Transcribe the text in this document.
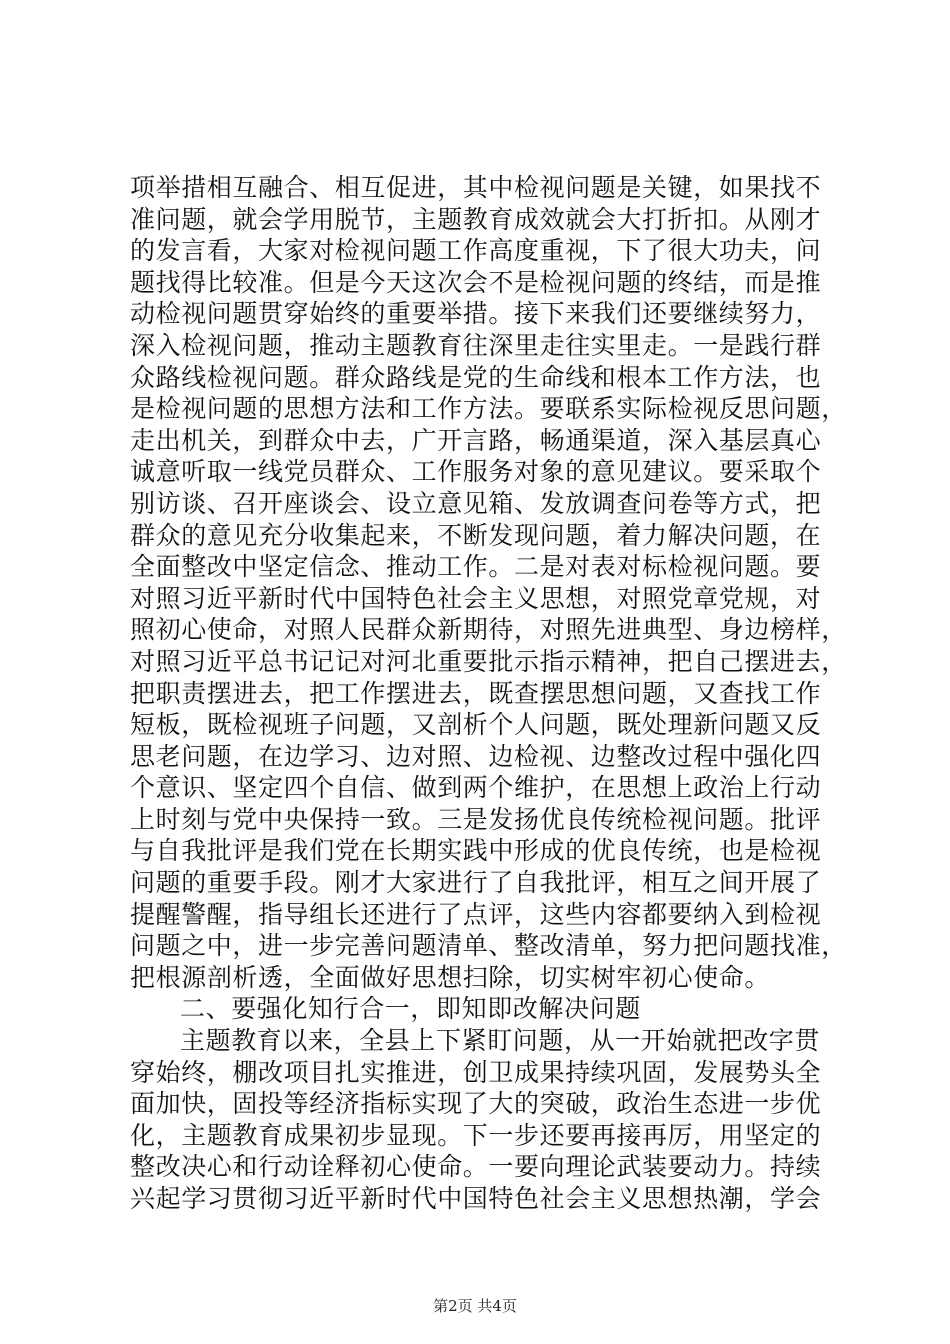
项举措相互融合、相互促进，其中检视问题是关键，如果找不
准问题，就会学用脱节，主题教育成效就会大打折扣。从刚才
的发言看，大家对检视问题工作高度重视，下了很大功夫，问
题找得比较准。但是今天这次会不是检视问题的终结，而是推
动检视问题贯穿始终的重要举措。接下来我们还要继续努力，
深入检视问题，推动主题教育往深里走往实里走。一是践行群
众路线检视问题。群众路线是党的生命线和根本工作方法，也
是检视问题的思想方法和工作方法。要联系实际检视反思问题，
走出机关，到群众中去，广开言路，畅通渠道，深入基层真心
诚意听取一线党员群众、工作服务对象的意见建议。要采取个
别访谈、召开座谈会、设立意见箱、发放调查问卷等方式，把
群众的意见充分收集起来，不断发现问题，着力解决问题，在
全面整改中坚定信念、推动工作。二是对表对标检视问题。要
对照习近平新时代中国特色社会主义思想，对照党章党规，对
照初心使命，对照人民群众新期待，对照先进典型、身边榜样，
对照习近平总书记记对河北重要批示指示精神，把自己摆进去，
把职责摆进去，把工作摆进去，既查摆思想问题，又查找工作
短板，既检视班子问题，又剖析个人问题，既处理新问题又反
思老问题，在边学习、边对照、边检视、边整改过程中强化四
个意识、坚定四个自信、做到两个维护，在思想上政治上行动
上时刻与党中央保持一致。三是发扬优良传统检视问题。批评
与自我批评是我们党在长期实践中形成的优良传统，也是检视
问题的重要手段。刚才大家进行了自我批评，相互之间开展了
提醒警醒，指导组长还进行了点评，这些内容都要纳入到检视
问题之中，进一步完善问题清单、整改清单，努力把问题找准，
把根源剖析透，全面做好思想扫除，切实树牢初心使命。
二、要强化知行合一，即知即改解决问题
主题教育以来，全县上下紧盯问题，从一开始就把改字贯
穿始终，棚改项目扎实推进，创卫成果持续巩固，发展势头全
面加快，固投等经济指标实现了大的突破，政治生态进一步优
化，主题教育成果初步显现。下一步还要再接再厉，用坚定的
整改决心和行动诠释初心使命。一要向理论武装要动力。持续
兴起学习贯彻习近平新时代中国特色社会主义思想热潮，学会
第2页 共4页
